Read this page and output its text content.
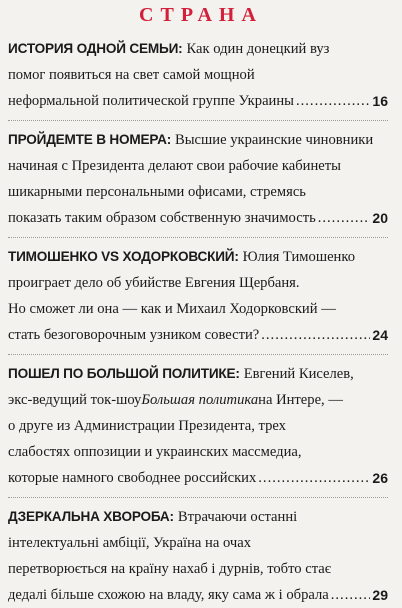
СТРАНА
ИСТОРИЯ ОДНОЙ СЕМЬИ: Как один донецкий вуз
помог появиться на свет самой мощной
неформальной политической группе Украины .....	16
ПРОЙДЕМТЕ В НОМЕРА: Высшие украинские чиновники
начиная с Президента делают свои рабочие кабинеты
шикарными персональными офисами, стремясь
показать таким образом собственную значимость .....	20
ТИМОШЕНКО VS ХОДОРКОВСКИЙ: Юлия Тимошенко
проиграет дело об убийстве Евгения Щербаня.
Но сможет ли она — как и Михаил Ходорковский —
стать безоговорочным узником совести? .....	24
ПОШЕЛ ПО БОЛЬШОЙ ПОЛИТИКЕ: Евгений Киселев,
экс-ведущий ток-шоу Большая политика на Интере, —
о друге из Администрации Президента, трех
слабостях оппозиции и украинских массмедиа,
которые намного свободнее российских .....	26
ДЗЕРКАЛЬНА ХВОРОБА: Втрачаючи останні
інтелектуальні амбіції, Україна на очах
перетворюється на країну нахаб і дурнів, тобто стає
дедалі більше схожою на владу, яку сама ж і обрала .....	29
